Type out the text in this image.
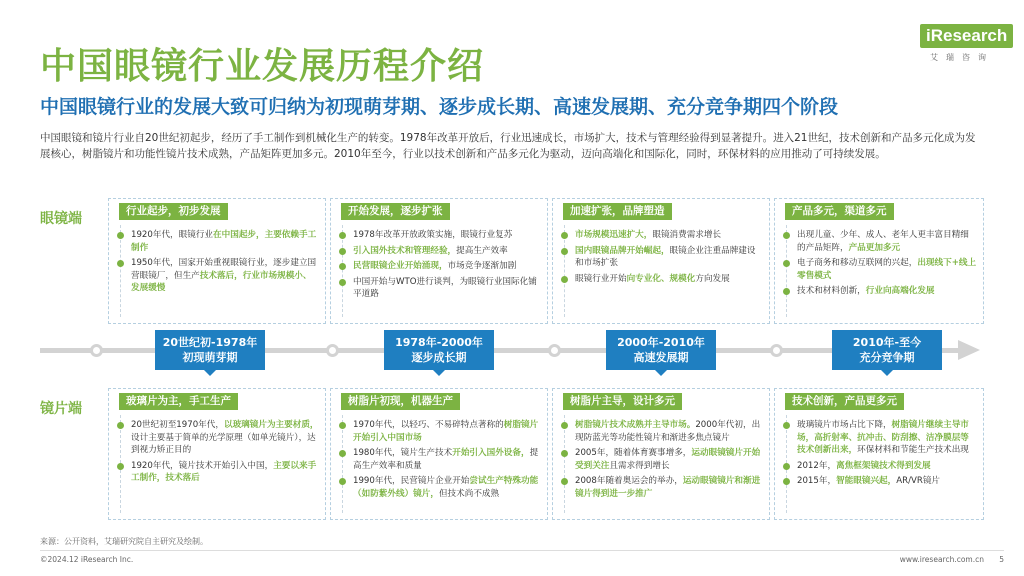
中国眼镜行业发展历程介绍
中国眼镜行业的发展大致可归纳为初现萌芽期、逐步成长期、高速发展期、充分竞争期四个阶段
中国眼镜和镜片行业自20世纪初起步，经历了手工制作到机械化生产的转变。1978年改革开放后，行业迅速成长，市场扩大，技术与管理经验得到显著提升。进入21世纪，技术创新和产品多元化成为发展核心，树脂镜片和功能性镜片技术成熟，产品矩阵更加多元。2010年至今，行业以技术创新和产品多元化为驱动，迈向高端化和国际化，同时，环保材料的应用推动了可持续发展。
iResearch
艾瑞咨询
眼镜端
镜片端
行业起步，初步发展
1920年代，眼镜行业在中国起步，主要依赖手工制作
1950年代，国家开始重视眼镜行业，逐步建立国营眼镜厂，但生产技术落后，行业市场规模小、发展缓慢
开始发展，逐步扩张
1978年改革开放政策实施，眼镜行业复苏
引入国外技术和管理经验，提高生产效率
民营眼镜企业开始涌现，市场竞争逐渐加剧
中国开始与WTO进行谈判，为眼镜行业国际化铺平道路
加速扩张，品牌塑造
市场规模迅速扩大，眼镜消费需求增长
国内眼镜品牌开始崛起，眼镜企业注重品牌建设和市场扩张
眼镜行业开始向专业化、规模化方向发展
产品多元，渠道多元
出现儿童、少年、成人、老年人更丰富目精细的产品矩阵，产品更加多元
电子商务和移动互联网的兴起，出现线下+线上零售模式
技术和材料创新，行业向高端化发展
20世纪初-1978年
初现萌芽期
1978年-2000年
逐步成长期
2000年-2010年
高速发展期
2010年-至今
充分竞争期
玻璃片为主，手工生产
20世纪初至1970年代，以玻璃镜片为主要材质，设计主要基于简单的光学原理（如单光镜片），达到视力矫正目的
1920年代，镜片技术开始引入中国，主要以来手工制作，技术落后
树脂片初现，机器生产
1970年代，以轻巧、不易碎特点著称的树脂镜片开始引入中国市场
1980年代，镜片生产技术开始引入国外设备，提高生产效率和质量
1990年代，民营镜片企业开始尝试生产特殊功能（如防紫外线）镜片，但技术尚不成熟
树脂片主导，设计多元
树脂镜片技术成熟并主导市场。2000年代初，出现防蓝光等功能性镜片和渐进多焦点镜片
2005年，随着体育赛事增多，运动眼镜镜片开始受到关注且需求得到增长
2008年随着奥运会的举办，运动眼镜镜片和渐进镜片得到进一步推广
技术创新，产品更多元
玻璃镜片市场占比下降，树脂镜片继续主导市场，高折射率、抗冲击、防刮擦、洁净膜层等技术创新出来，环保材料和节能生产技术出现
2012年，离焦框架镜技术得到发展
2015年，智能眼镜兴起，AR/VR镜片
来源：公开资料，艾瑞研究院自主研究及绘制。
©2024.12 iResearch Inc.	www.iresearch.com.cn 5
